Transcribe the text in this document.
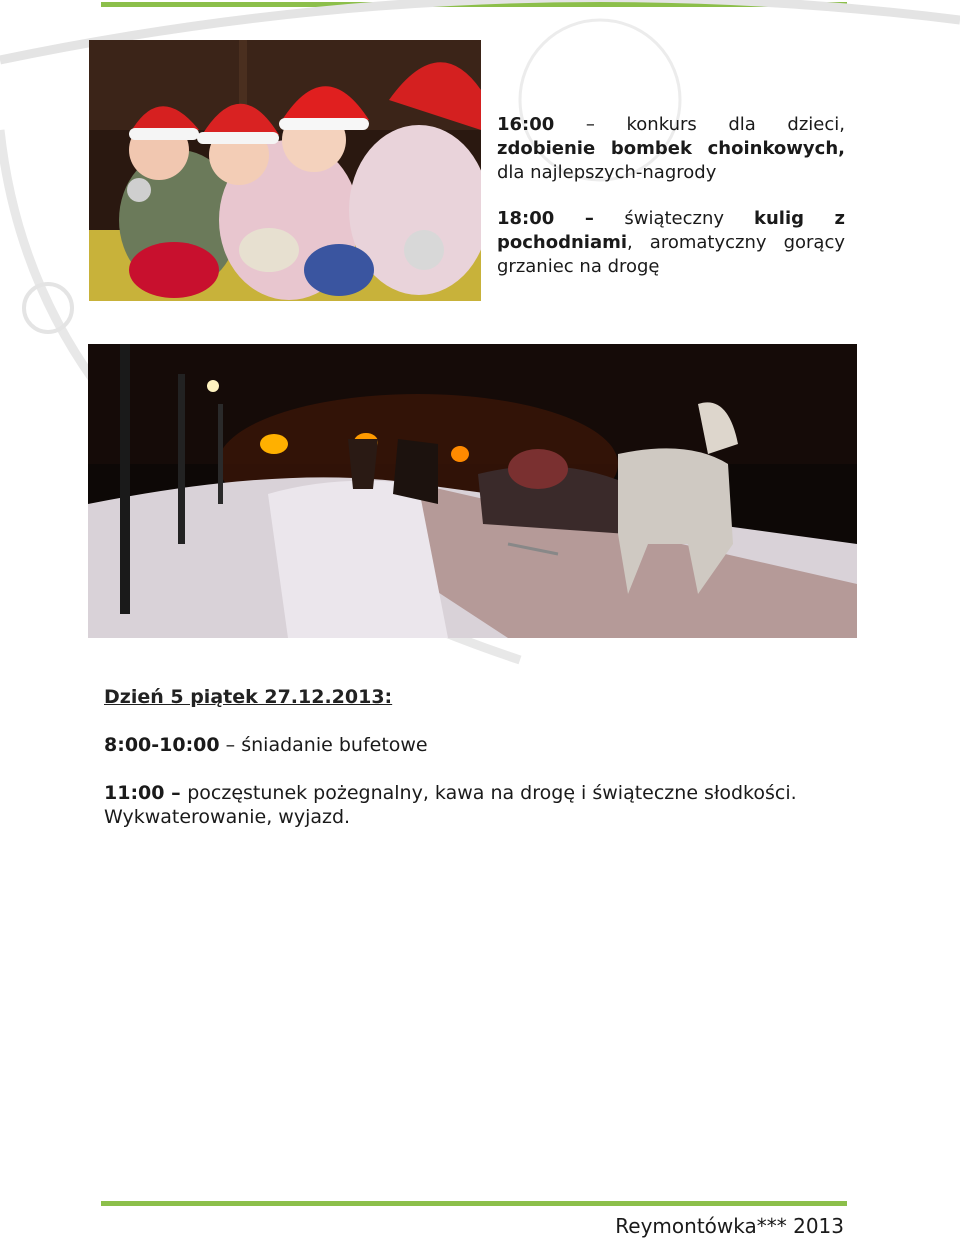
16:00 – konkurs dla dzieci, zdobienie bombek choinkowych, dla najlepszych-nagrody

18:00 – świąteczny kulig z pochodniami, aromatyczny gorący grzaniec na drogę

Dzień 5 piątek 27.12.2013:

8:00-10:00 – śniadanie bufetowe

11:00 – poczęstunek pożegnalny, kawa na drogę i świąteczne słodkości. Wykwaterowanie, wyjazd.

Reymontówka*** 2013
